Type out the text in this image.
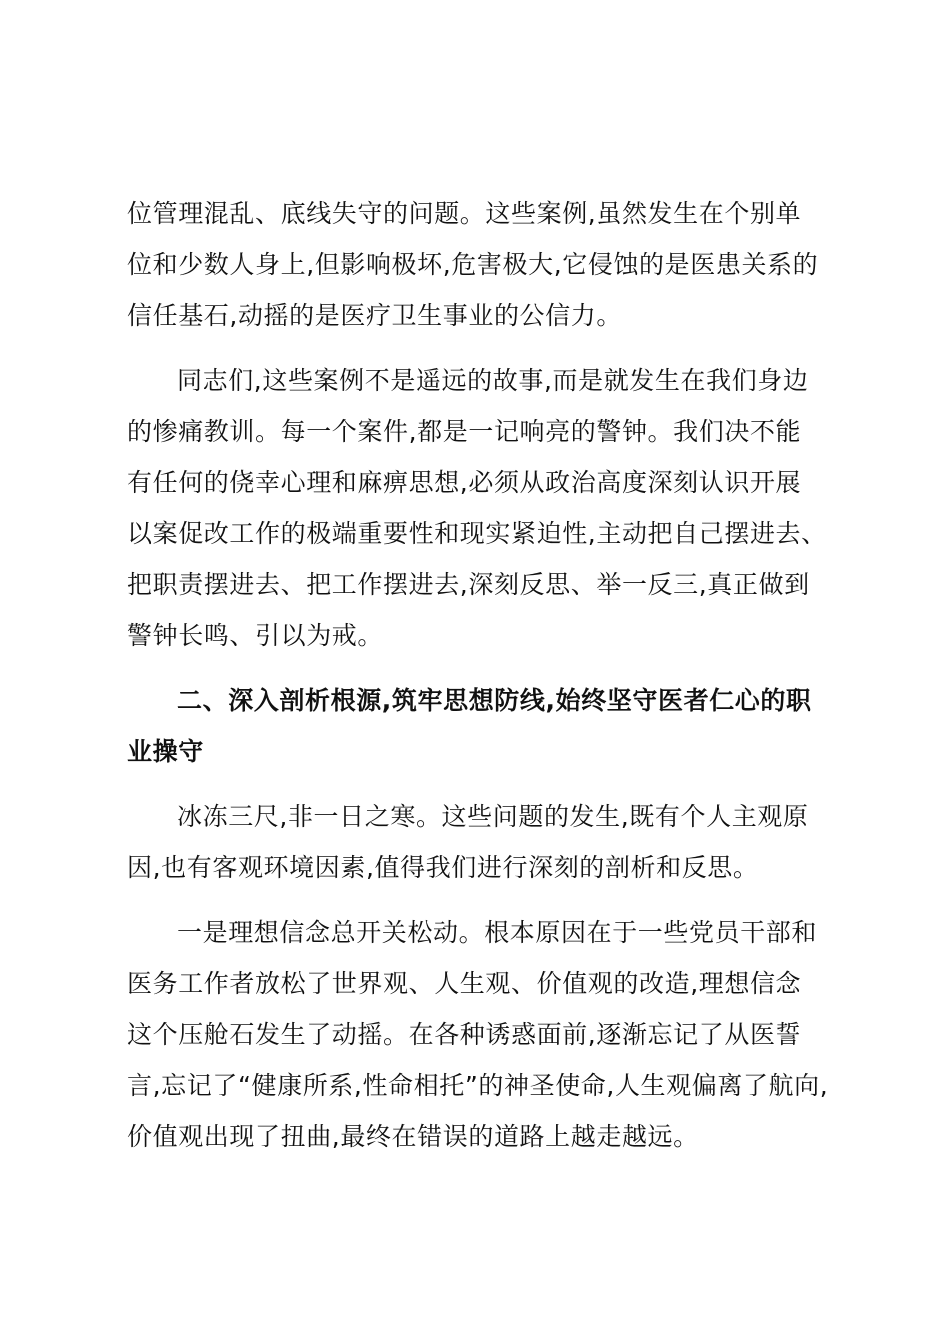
位管理混乱、底线失守的问题。这些案例,虽然发生在个别单
位和少数人身上,但影响极坏,危害极大,它侵蚀的是医患关系的
信任基石,动摇的是医疗卫生事业的公信力。

同志们,这些案例不是遥远的故事,而是就发生在我们身边
的惨痛教训。每一个案件,都是一记响亮的警钟。我们决不能
有任何的侥幸心理和麻痹思想,必须从政治高度深刻认识开展
以案促改工作的极端重要性和现实紧迫性,主动把自己摆进去、
把职责摆进去、把工作摆进去,深刻反思、举一反三,真正做到
警钟长鸣、引以为戒。

二、深入剖析根源,筑牢思想防线,始终坚守医者仁心的职
业操守

冰冻三尺,非一日之寒。这些问题的发生,既有个人主观原
因,也有客观环境因素,值得我们进行深刻的剖析和反思。

一是理想信念总开关松动。根本原因在于一些党员干部和
医务工作者放松了世界观、人生观、价值观的改造,理想信念
这个压舱石发生了动摇。在各种诱惑面前,逐渐忘记了从医誓
言,忘记了“健康所系,性命相托”的神圣使命,人生观偏离了航向,
价值观出现了扭曲,最终在错误的道路上越走越远。
